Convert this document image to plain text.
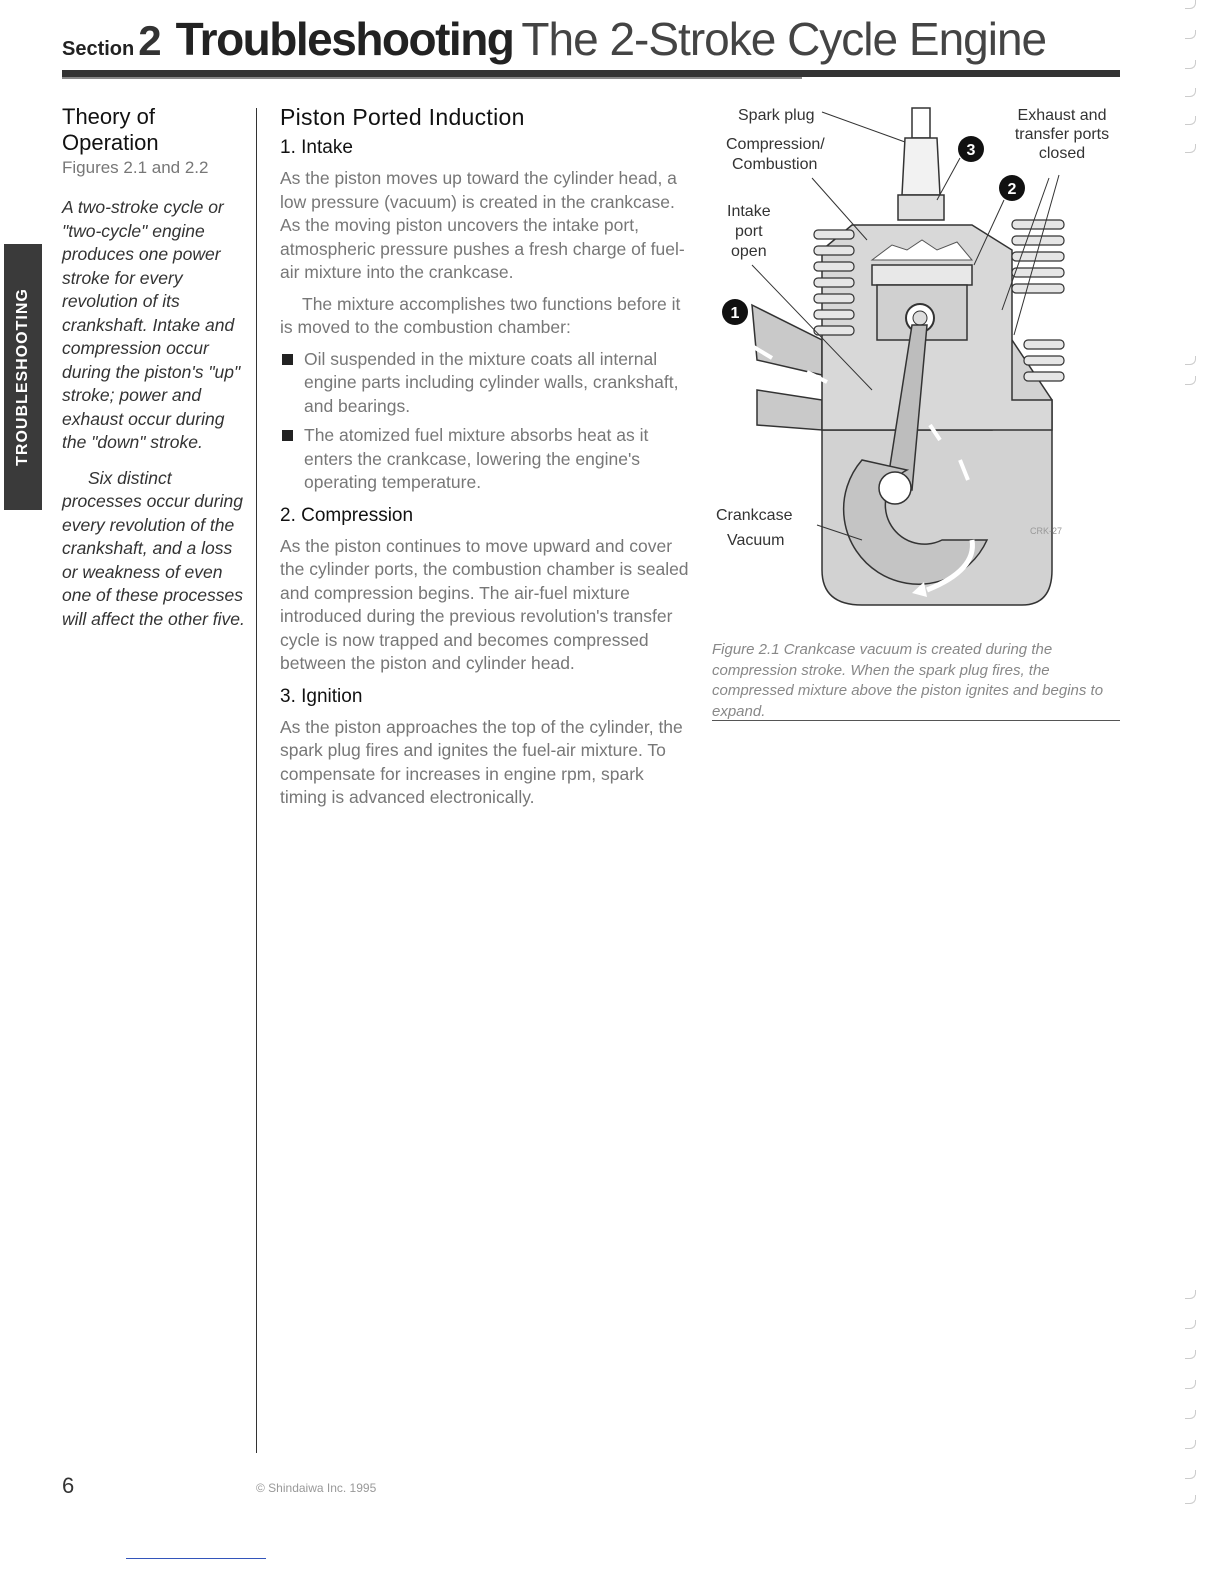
Section2 Troubleshooting The 2-Stroke Cycle Engine
TROUBLESHOOTING
Theory of
Operation
Figures 2.1 and 2.2

A two-stroke cycle or "two-cycle" engine produces one power stroke for every revolution of its crankshaft. Intake and compression occur during the piston's "up" stroke; power and exhaust occur during the "down" stroke.

Six distinct processes occur during every revolution of the crankshaft, and a loss or weakness of even one of these processes will affect the other five.

Piston Ported Induction
1. Intake

As the piston moves up toward the cylinder head, a low pressure (vacuum) is created in the crankcase. As the moving piston uncovers the intake port, atmospheric pressure pushes a fresh charge of fuel-air mixture into the crankcase.

The mixture accomplishes two functions before it is moved to the combustion chamber:

Oil suspended in the mixture coats all internal engine parts including cylinder walls, crankshaft, and bearings.
The atomized fuel mixture absorbs heat as it enters the crankcase, lowering the engine's operating temperature.
2. Compression

As the piston continues to move upward and cover the cylinder ports, the combustion chamber is sealed and compression begins. The air-fuel mixture introduced during the previous revolution's transfer cycle is now trapped and becomes compressed between the piston and cylinder head.

3. Ignition

As the piston approaches the top of the cylinder, the spark plug fires and ignites the fuel-air mixture. To compensate for increases in engine rpm, spark timing is advanced electronically.

1
2
3
CRK-27
Spark plug
Compression/
Combustion
Exhaust and
transfer ports
closed
Intake
port
open
Crankcase
Vacuum
Figure 2.1 Crankcase vacuum is created during the compression stroke. When the spark plug fires, the compressed mixture above the piston ignites and begins to expand.
6	© Shindaiwa Inc. 1995
